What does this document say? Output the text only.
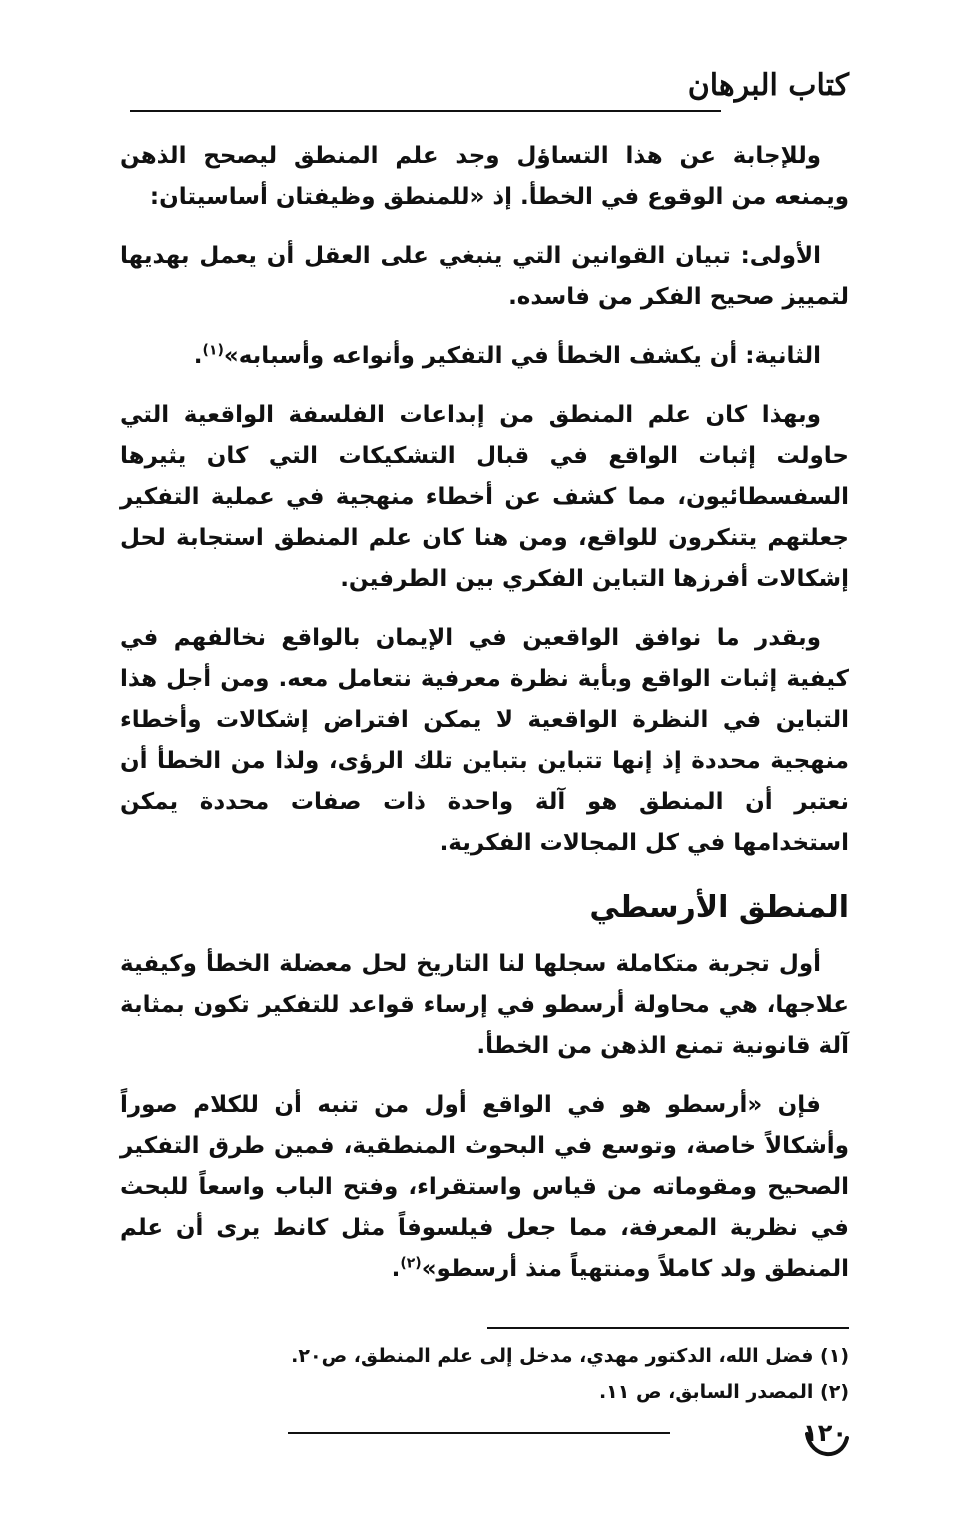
كتاب البرهان

وللإجابة عن هذا التساؤل وجد علم المنطق ليصحح الذهن ويمنعه من الوقوع في الخطأ. إذ «للمنطق وظيفتان أساسيتان:

الأولى: تبيان القوانين التي ينبغي على العقل أن يعمل بهديها لتمييز صحيح الفكر من فاسده.

الثانية: أن يكشف الخطأ في التفكير وأنواعه وأسبابه»$^{(١)}$.

وبهذا كان علم المنطق من إبداعات الفلسفة الواقعية التي حاولت إثبات الواقع في قبال التشكيكات التي كان يثيرها السفسطائيون، مما كشف عن أخطاء منهجية في عملية التفكير جعلتهم يتنكرون للواقع، ومن هنا كان علم المنطق استجابة لحل إشكالات أفرزها التباين الفكري بين الطرفين.

وبقدر ما نوافق الواقعين في الإيمان بالواقع نخالفهم في كيفية إثبات الواقع وبأية نظرة معرفية نتعامل معه. ومن أجل هذا التباين في النظرة الواقعية لا يمكن افتراض إشكالات وأخطاء منهجية محددة إذ إنها تتباين بتباين تلك الرؤى، ولذا من الخطأ أن نعتبر أن المنطق هو آلة واحدة ذات صفات محددة يمكن استخدامها في كل المجالات الفكرية.

المنطق الأرسطي

أول تجربة متكاملة سجلها لنا التاريخ لحل معضلة الخطأ وكيفية علاجها، هي محاولة أرسطو في إرساء قواعد للتفكير تكون بمثابة آلة قانونية تمنع الذهن من الخطأ.

فإن «أرسطو هو في الواقع أول من تنبه أن للكلام صوراً وأشكالاً خاصة، وتوسع في البحوث المنطقية، فمين طرق التفكير الصحيح ومقوماته من قياس واستقراء، وفتح الباب واسعاً للبحث في نظرية المعرفة، مما جعل فيلسوفاً مثل كانط يرى أن علم المنطق ولد كاملاً ومنتهياً منذ أرسطو»$^{(٢)}$.

(١) فضل الله، الدكتور مهدي، مدخل إلى علم المنطق، ص٢٠.
(٢) المصدر السابق، ص ١١.
١٢٠
